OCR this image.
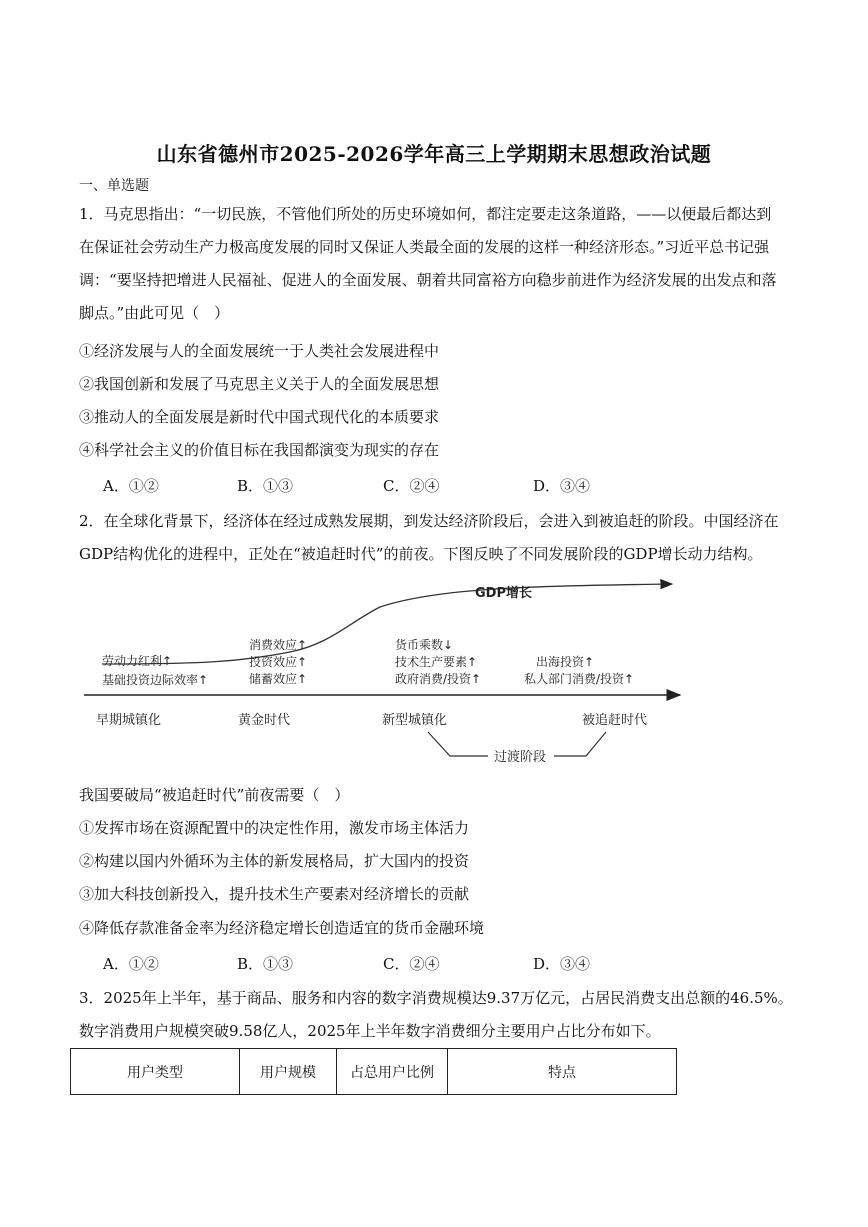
山东省德州市2025-2026学年高三上学期期末思想政治试题
一、单选题
1．马克思指出：“一切民族，不管他们所处的历史环境如何，都注定要走这条道路，——以便最后都达到
在保证社会劳动生产力极高度发展的同时又保证人类最全面的发展的这样一种经济形态。”习近平总书记强
调：“要坚持把增进人民福祉、促进人的全面发展、朝着共同富裕方向稳步前进作为经济发展的出发点和落
脚点。”由此可见（　）
①经济发展与人的全面发展统一于人类社会发展进程中
②我国创新和发展了马克思主义关于人的全面发展思想
③推动人的全面发展是新时代中国式现代化的本质要求
④科学社会主义的价值目标在我国都演变为现实的存在
A．①②	B．①③	C．②④	D．③④
2．在全球化背景下，经济体在经过成熟发展期，到发达经济阶段后，会进入到被追赶的阶段。中国经济在
GDP结构优化的进程中，正处在“被追赶时代”的前夜。下图反映了不同发展阶段的GDP增长动力结构。
GDP增长
劳动力红利↑
基础投资边际效率↑
消费效应↑
投资效应↑
储蓄效应↑
货币乘数↓
技术生产要素↑
政府消费/投资↑
出海投资↑
私人部门消费/投资↑
早期城镇化	黄金时代	新型城镇化	被追赶时代
过渡阶段
我国要破局“被追赶时代”前夜需要（　）
①发挥市场在资源配置中的决定性作用，激发市场主体活力
②构建以国内外循环为主体的新发展格局，扩大国内的投资
③加大科技创新投入，提升技术生产要素对经济增长的贡献
④降低存款准备金率为经济稳定增长创造适宜的货币金融环境
A．①②	B．①③	C．②④	D．③④
3．2025年上半年，基于商品、服务和内容的数字消费规模达9.37万亿元，占居民消费支出总额的46.5%。
数字消费用户规模突破9.58亿人，2025年上半年数字消费细分主要用户占比分布如下。
用户类型	用户规模	占总用户比例	特点
